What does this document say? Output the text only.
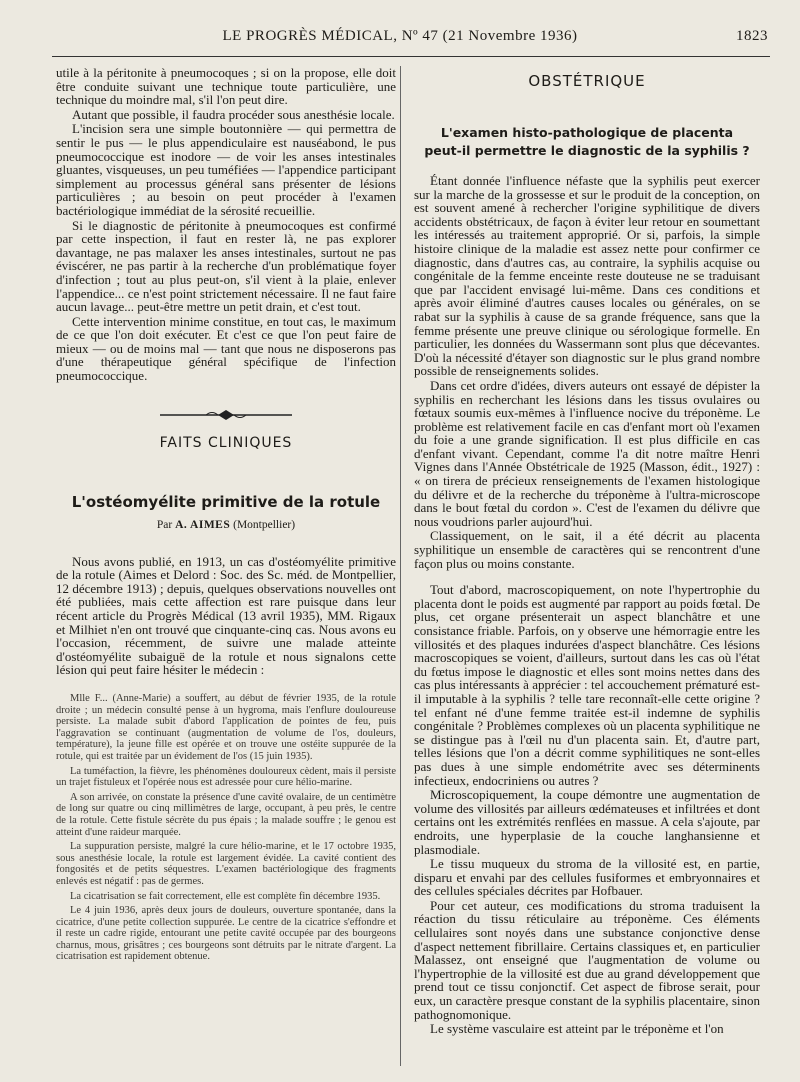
LE PROGRÈS MÉDICAL, Nº 47 (21 Novembre 1936)	1823

utile à la péritonite à pneumocoques ; si on la propose, elle doit être conduite suivant une technique toute particulière, une technique du moindre mal, s'il l'on peut dire.

Autant que possible, il faudra procéder sous anesthésie locale.

L'incision sera une simple boutonnière — qui permettra de sentir le pus — le plus appendiculaire est nauséabond, le pus pneumococcique est inodore — de voir les anses intestinales gluantes, visqueuses, un peu tuméfiées — l'appendice participant simplement au processus général sans présenter de lésions particulières ; au besoin on peut procéder à l'examen bactériologique immédiat de la sérosité recueillie.

Si le diagnostic de péritonite à pneumocoques est confirmé par cette inspection, il faut en rester là, ne pas explorer davantage, ne pas malaxer les anses intestinales, surtout ne pas éviscérer, ne pas partir à la recherche d'un problématique foyer d'infection ; tout au plus peut-on, s'il vient à la plaie, enlever l'appendice... ce n'est point strictement nécessaire. Il ne faut faire aucun lavage... peut-être mettre un petit drain, et c'est tout.

Cette intervention minime constitue, en tout cas, le maximum de ce que l'on doit exécuter. Et c'est ce que l'on peut faire de mieux — ou de moins mal — tant que nous ne disposerons pas d'une thérapeutique général spécifique de l'infection pneumococcique.

FAITS CLINIQUES
L'ostéomyélite primitive de la rotule
Par A. AIMES (Montpellier)

Nous avons publié, en 1913, un cas d'ostéomyélite primitive de la rotule (Aimes et Delord : Soc. des Sc. méd. de Montpellier, 12 décembre 1913) ; depuis, quelques observations nouvelles ont été publiées, mais cette affection est rare puisque dans leur récent article du Progrès Médical (13 avril 1935), MM. Rigaux et Milhiet n'en ont trouvé que cinquante-cinq cas. Nous avons eu l'occasion, récemment, de suivre une malade atteinte d'ostéomyélite subaiguë de la rotule et nous signalons cette lésion qui peut faire hésiter le médecin :

Mlle F... (Anne-Marie) a souffert, au début de février 1935, de la rotule droite ; un médecin consulté pense à un hygroma, mais l'enflure douloureuse persiste. La malade subit d'abord l'application de pointes de feu, puis l'aggravation se continuant (augmentation de volume de l'os, douleurs, température), la jeune fille est opérée et on trouve une ostéite suppurée de la rotule, qui est traitée par un évidement de l'os (15 juin 1935).

La tuméfaction, la fièvre, les phénomènes douloureux cèdent, mais il persiste un trajet fistuleux et l'opérée nous est adressée pour cure hélio-marine.

A son arrivée, on constate la présence d'une cavité ovalaire, de un centimètre de long sur quatre ou cinq millimètres de large, occupant, à peu près, le centre de la rotule. Cette fistule sécrète du pus épais ; la malade souffre ; le genou est atteint d'une raideur marquée.

La suppuration persiste, malgré la cure hélio-marine, et le 17 octobre 1935, sous anesthésie locale, la rotule est largement évidée. La cavité contient des fongosités et de petits séquestres. L'examen bactériologique des fragments enlevés est négatif : pas de germes.

La cicatrisation se fait correctement, elle est complète fin décembre 1935.

Le 4 juin 1936, après deux jours de douleurs, ouverture spontanée, dans la cicatrice, d'une petite collection suppurée. Le centre de la cicatrice s'effondre et il reste un cadre rigide, entourant une petite cavité occupée par des bourgeons charnus, mous, grisâtres ; ces bourgeons sont détruits par le nitrate d'argent. La cicatrisation est rapidement obtenue.

OBSTÉTRIQUE
L'examen histo-pathologique de placenta
peut-il permettre le diagnostic de la syphilis ?

Étant donnée l'influence néfaste que la syphilis peut exercer sur la marche de la grossesse et sur le produit de la conception, on est souvent amené à rechercher l'origine syphilitique de divers accidents obstétricaux, de façon à éviter leur retour en soumettant les intéressés au traitement approprié. Or si, parfois, la simple histoire clinique de la maladie est assez nette pour confirmer ce diagnostic, dans d'autres cas, au contraire, la syphilis acquise ou congénitale de la femme enceinte reste douteuse ne se traduisant que par l'accident envisagé lui-même. Dans ces conditions et après avoir éliminé d'autres causes locales ou générales, on se rabat sur la syphilis à cause de sa grande fréquence, sans que la femme présente une preuve clinique ou sérologique formelle. En particulier, les données du Wassermann sont plus que décevantes. D'où la nécessité d'étayer son diagnostic sur le plus grand nombre possible de renseignements solides.

Dans cet ordre d'idées, divers auteurs ont essayé de dépister la syphilis en recherchant les lésions dans les tissus ovulaires ou fœtaux soumis eux-mêmes à l'influence nocive du tréponème. Le problème est relativement facile en cas d'enfant mort où l'examen du foie a une grande signification. Il est plus difficile en cas d'enfant vivant. Cependant, comme l'a dit notre maître Henri Vignes dans l'Année Obstétricale de 1925 (Masson, édit., 1927) : « on tirera de précieux renseignements de l'examen histologique du délivre et de la recherche du tréponème à l'ultra-microscope dans le bout fœtal du cordon ». C'est de l'examen du délivre que nous voudrions parler aujourd'hui.

Classiquement, on le sait, il a été décrit au placenta syphilitique un ensemble de caractères qui se rencontrent d'une façon plus ou moins constante.

Tout d'abord, macroscopiquement, on note l'hypertrophie du placenta dont le poids est augmenté par rapport au poids fœtal. De plus, cet organe présenterait un aspect blanchâtre et une consistance friable. Parfois, on y observe une hémorragie entre les villosités et des plaques indurées d'aspect blanchâtre. Ces lésions macroscopiques se voient, d'ailleurs, surtout dans les cas où l'état du fœtus impose le diagnostic et elles sont moins nettes dans des cas plus intéressants à apprécier : tel accouchement prématuré est-il imputable à la syphilis ? telle tare reconnaît-elle cette origine ? tel enfant né d'une femme traitée est-il indemne de syphilis congénitale ? Problèmes complexes où un placenta syphilitique ne se distingue pas à l'œil nu d'un placenta sain. Et, d'autre part, telles lésions que l'on a décrit comme syphilitiques ne sont-elles pas dues à une simple endométrite avec ses déterminents infectieux, endocriniens ou autres ?

Microscopiquement, la coupe démontre une augmentation de volume des villosités par ailleurs œdémateuses et infiltrées et dont certains ont les extrémités renflées en massue. A cela s'ajoute, par endroits, une hyperplasie de la couche langhansienne et plasmodiale.

Le tissu muqueux du stroma de la villosité est, en partie, disparu et envahi par des cellules fusiformes et embryonnaires et des cellules spéciales décrites par Hofbauer.

Pour cet auteur, ces modifications du stroma traduisent la réaction du tissu réticulaire au tréponème. Ces éléments cellulaires sont noyés dans une substance conjonctive dense d'aspect nettement fibrillaire. Certains classiques et, en particulier Malassez, ont enseigné que l'augmentation de volume ou l'hypertrophie de la villosité est due au grand développement que prend tout ce tissu conjonctif. Cet aspect de fibrose serait, pour eux, un caractère presque constant de la syphilis placentaire, sinon pathognomonique.

Le système vasculaire est atteint par le tréponème et l'on
